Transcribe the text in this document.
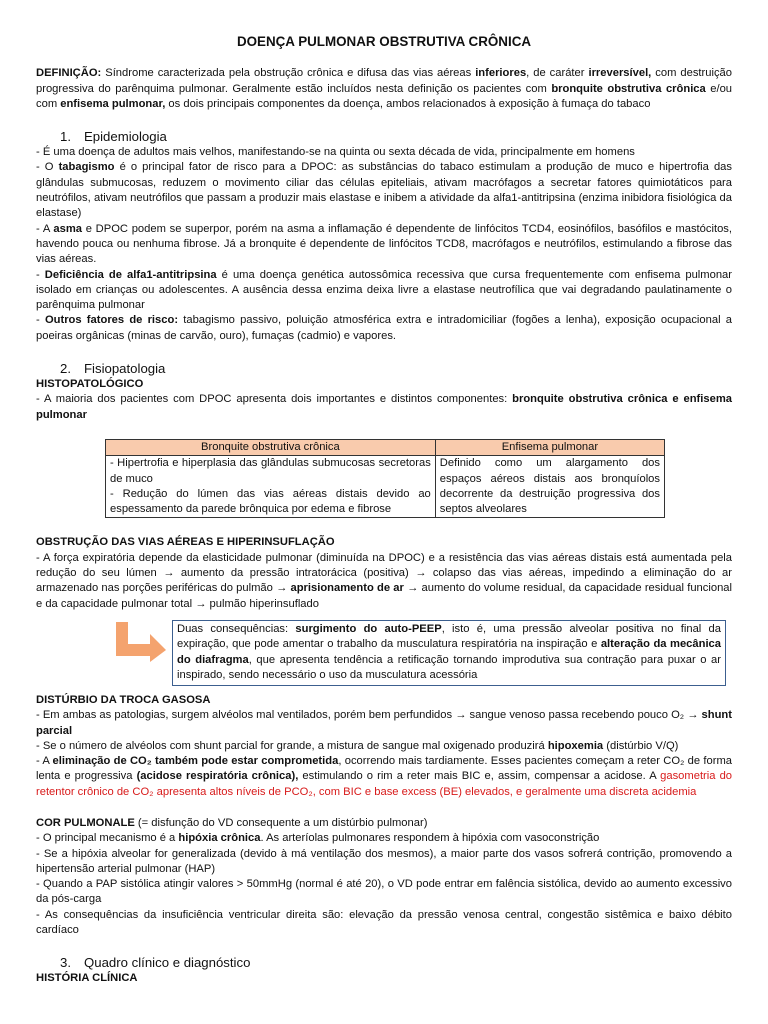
DOENÇA PULMONAR OBSTRUTIVA CRÔNICA

DEFINIÇÃO: Síndrome caracterizada pela obstrução crônica e difusa das vias aéreas inferiores, de caráter irreversível, com destruição progressiva do parênquima pulmonar. Geralmente estão incluídos nesta definição os pacientes com bronquite obstrutiva crônica e/ou com enfisema pulmonar, os dois principais componentes da doença, ambos relacionados à exposição à fumaça do tabaco

1. Epidemiologia

- É uma doença de adultos mais velhos, manifestando-se na quinta ou sexta década de vida, principalmente em homens

- O tabagismo é o principal fator de risco para a DPOC: as substâncias do tabaco estimulam a produção de muco e hipertrofia das glândulas submucosas, reduzem o movimento ciliar das células epiteliais, ativam macrófagos a secretar fatores quimiotáticos para neutrófilos, ativam neutrófilos que passam a produzir mais elastase e inibem a atividade da alfa1-antitripsina (enzima inibidora fisiológica da elastase)

- A asma e DPOC podem se superpor, porém na asma a inflamação é dependente de linfócitos TCD4, eosinófilos, basófilos e mastócitos, havendo pouca ou nenhuma fibrose. Já a bronquite é dependente de linfócitos TCD8, macrófagos e neutrófilos, estimulando a fibrose das vias aéreas.

- Deficiência de alfa1-antitripsina é uma doença genética autossômica recessiva que cursa frequentemente com enfisema pulmonar isolado em crianças ou adolescentes. A ausência dessa enzima deixa livre a elastase neutrofílica que vai degradando paulatinamente o parênquima pulmonar

- Outros fatores de risco: tabagismo passivo, poluição atmosférica extra e intradomiciliar (fogões a lenha), exposição ocupacional a poeiras orgânicas (minas de carvão, ouro), fumaças (cadmio) e vapores.

2. Fisiopatologia

HISTOPATOLÓGICO

- A maioria dos pacientes com DPOC apresenta dois importantes e distintos componentes: bronquite obstrutiva crônica e enfisema pulmonar

Bronquite obstrutiva crônica	Enfisema pulmonar

- Hipertrofia e hiperplasia das glândulas submucosas secretoras de muco
- Redução do lúmen das vias aéreas distais devido ao espessamento da parede brônquica por edema e fibrose	Definido como um alargamento dos espaços aéreos distais aos bronquíolos decorrente da destruição progressiva dos septos alveolares

OBSTRUÇÃO DAS VIAS AÉREAS E HIPERINSUFLAÇÃO

- A força expiratória depende da elasticidade pulmonar (diminuída na DPOC) e a resistência das vias aéreas distais está aumentada pela redução do seu lúmen → aumento da pressão intratorácica (positiva) → colapso das vias aéreas, impedindo a eliminação do ar armazenado nas porções periféricas do pulmão → aprisionamento de ar → aumento do volume residual, da capacidade residual funcional e da capacidade pulmonar total → pulmão hiperinsuflado

Duas consequências: surgimento do auto-PEEP, isto é, uma pressão alveolar positiva no final da expiração, que pode amentar o trabalho da musculatura respiratória na inspiração e alteração da mecânica do diafragma, que apresenta tendência a retificação tornando improdutiva sua contração para puxar o ar inspirado, sendo necessário o uso da musculatura acessória

DISTÚRBIO DA TROCA GASOSA

- Em ambas as patologias, surgem alvéolos mal ventilados, porém bem perfundidos → sangue venoso passa recebendo pouco O₂ → shunt parcial

- Se o número de alvéolos com shunt parcial for grande, a mistura de sangue mal oxigenado produzirá hipoxemia (distúrbio V/Q)

- A eliminação de CO₂ também pode estar comprometida, ocorrendo mais tardiamente. Esses pacientes começam a reter CO₂ de forma lenta e progressiva (acidose respiratória crônica), estimulando o rim a reter mais BIC e, assim, compensar a acidose. A gasometria do retentor crônico de CO₂ apresenta altos níveis de PCO₂, com BIC e base excess (BE) elevados, e geralmente uma discreta acidemia

COR PULMONALE (= disfunção do VD consequente a um distúrbio pulmonar)

- O principal mecanismo é a hipóxia crônica. As arteríolas pulmonares respondem à hipóxia com vasoconstrição

- Se a hipóxia alveolar for generalizada (devido à má ventilação dos mesmos), a maior parte dos vasos sofrerá contrição, promovendo a hipertensão arterial pulmonar (HAP)

- Quando a PAP sistólica atingir valores > 50mmHg (normal é até 20), o VD pode entrar em falência sistólica, devido ao aumento excessivo da pós-carga

- As consequências da insuficiência ventricular direita são: elevação da pressão venosa central, congestão sistêmica e baixo débito cardíaco

3. Quadro clínico e diagnóstico

HISTÓRIA CLÍNICA
